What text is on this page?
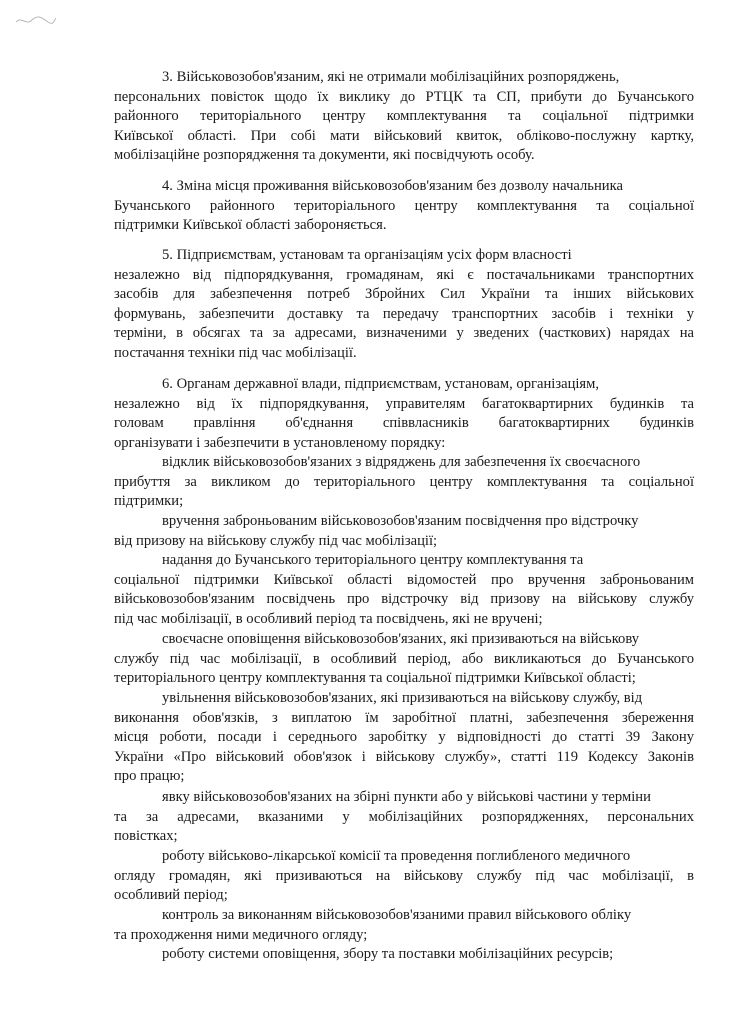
3. Військовозобов'язаним, які не отримали мобілізаційних розпоряджень,
персональних повісток щодо їх виклику до РТЦК та СП, прибути до Бучанського
районного територіального центру комплектування та соціальної підтримки
Київської області. При собі мати військовий квиток, обліково-послужну картку,
мобілізаційне розпорядження та документи, які посвідчують особу.
4. Зміна місця проживання військовозобов'язаним без дозволу начальника
Бучанського районного територіального центру комплектування та соціальної
підтримки Київської області забороняється.
5. Підприємствам, установам та організаціям усіх форм власності
незалежно від підпорядкування, громадянам, які є постачальниками транспортних
засобів для забезпечення потреб Збройних Сил України та інших військових
формувань, забезпечити доставку та передачу транспортних засобів і техніки у
терміни, в обсягах та за адресами, визначеними у зведених (часткових) нарядах на
постачання техніки під час мобілізації.
6. Органам державної влади, підприємствам, установам, організаціям,
незалежно від їх підпорядкування, управителям багатоквартирних будинків та
головам правління об'єднання співвласників багатоквартирних будинків
організувати і забезпечити в установленому порядку:
відклик військовозобов'язаних з відряджень для забезпечення їх своєчасного
прибуття за викликом до територіального центру комплектування та соціальної
підтримки;
вручення заброньованим військовозобов'язаним посвідчення про відстрочку
від призову на військову службу під час мобілізації;
надання до Бучанського територіального центру комплектування та
соціальної підтримки Київської області відомостей про вручення заброньованим
військовозобов'язаним посвідчень про відстрочку від призову на військову службу
під час мобілізації, в особливий період та посвідчень, які не вручені;
своєчасне оповіщення військовозобов'язаних, які призиваються на військову
службу під час мобілізації, в особливий період, або викликаються до Бучанського
територіального центру комплектування та соціальної підтримки Київської області;
увільнення військовозобов'язаних, які призиваються на військову службу, від
виконання обов'язків, з виплатою їм заробітної платні, забезпечення збереження
місця роботи, посади і середнього заробітку у відповідності до статті 39 Закону
України «Про військовий обов'язок і військову службу», статті 119 Кодексу Законів
про працю;
явку військовозобов'язаних на збірні пункти або у військові частини у терміни
та за адресами, вказаними у мобілізаційних розпорядженнях, персональних
повістках;
роботу військово-лікарської комісії та проведення поглибленого медичного
огляду громадян, які призиваються на військову службу під час мобілізації, в
особливий період;
контроль за виконанням військовозобов'язаними правил військового обліку
та проходження ними медичного огляду;
роботу системи оповіщення, збору та поставки мобілізаційних ресурсів;
